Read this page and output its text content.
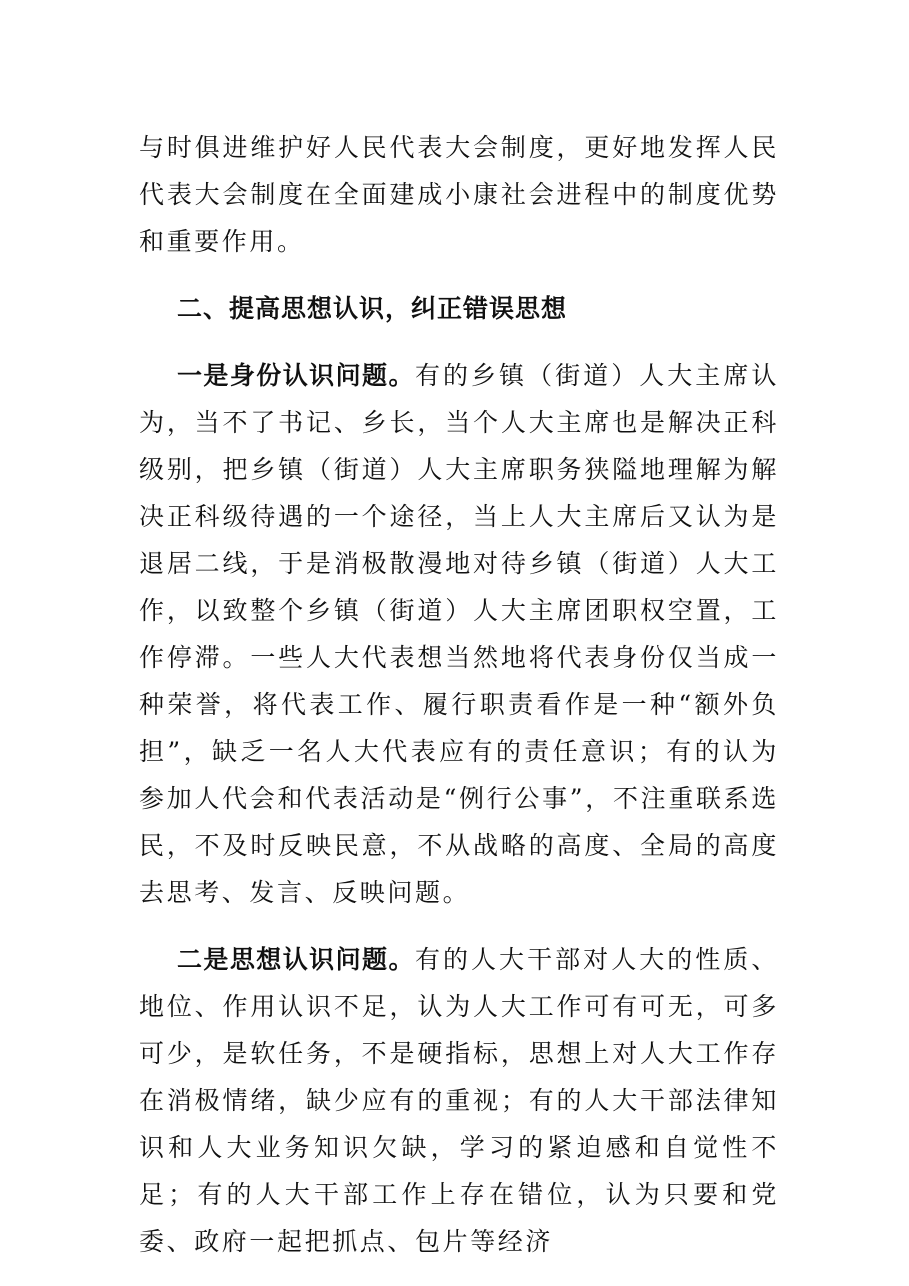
与时俱进维护好人民代表大会制度，更好地发挥人民代表大会制度在全面建成小康社会进程中的制度优势和重要作用。

二、提高思想认识，纠正错误思想

一是身份认识问题。有的乡镇（街道）人大主席认为，当不了书记、乡长，当个人大主席也是解决正科级别，把乡镇（街道）人大主席职务狭隘地理解为解决正科级待遇的一个途径，当上人大主席后又认为是退居二线，于是消极散漫地对待乡镇（街道）人大工作，以致整个乡镇（街道）人大主席团职权空置，工作停滞。一些人大代表想当然地将代表身份仅当成一种荣誉，将代表工作、履行职责看作是一种“额外负担”，缺乏一名人大代表应有的责任意识；有的认为参加人代会和代表活动是“例行公事”，不注重联系选民，不及时反映民意，不从战略的高度、全局的高度去思考、发言、反映问题。

二是思想认识问题。有的人大干部对人大的性质、地位、作用认识不足，认为人大工作可有可无，可多可少，是软任务，不是硬指标，思想上对人大工作存在消极情绪，缺少应有的重视；有的人大干部法律知识和人大业务知识欠缺，学习的紧迫感和自觉性不足；有的人大干部工作上存在错位，认为只要和党委、政府一起把抓点、包片等经济
